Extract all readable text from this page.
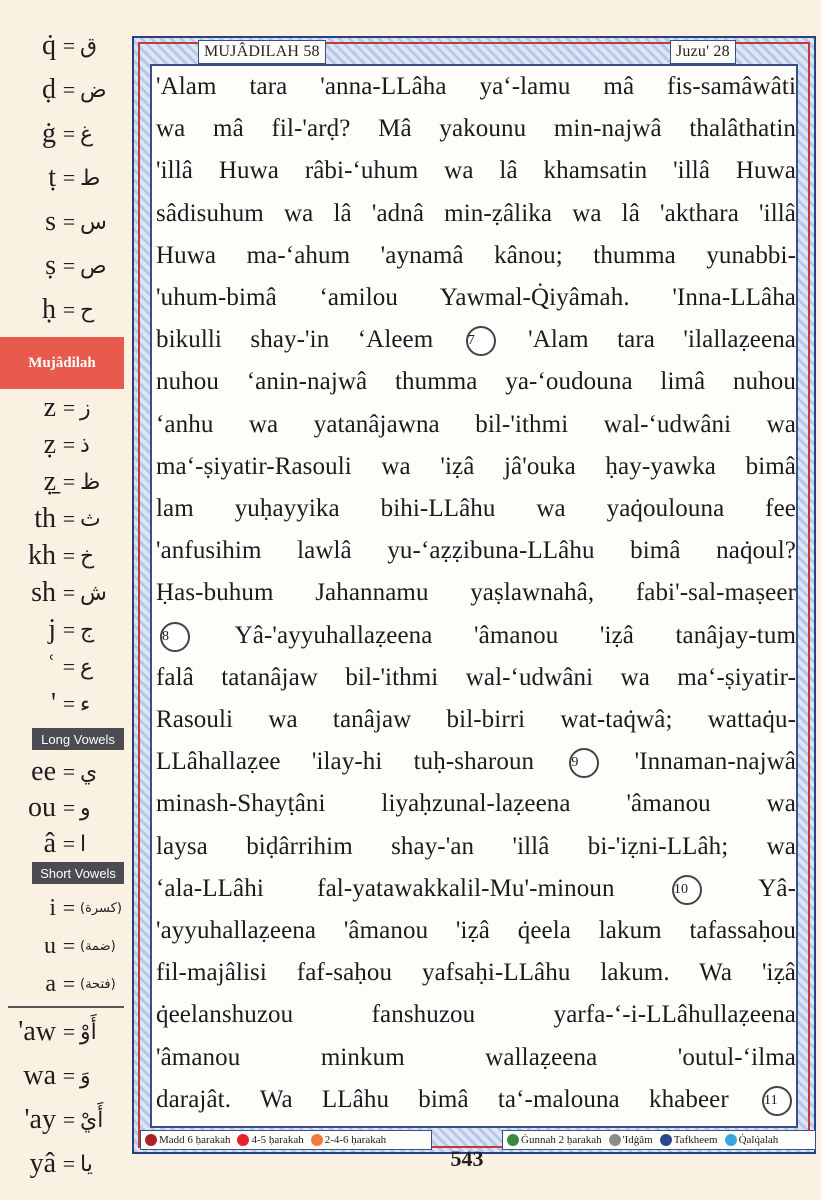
q̇ = ق
ḍ = ض
ġ = غ
ṭ = ط
s = س
ṣ = ص
ḥ = ح
Mujâdilah
z = ز
ẓ = ذ
ẓ̱ = ظ
th = ث
kh = خ
sh = ش
j = ج
ʿ = ع
' = ء
Long Vowels
ee = ي
ou = و
â = ا
Short Vowels
i = (كسرة)
u = (ضمة)
a = (فتحة)
'aw = أَوْ
wa = وَ
'ay = أَيْ
yâ = يا
MUJÂDILAH 58	Juzu' 28
'Alam tara 'anna-LLâha ya‘-lamu mâ fis-samâwâti
wa mâ fil-'arḍ? Mâ yakounu min-najwâ thalâthatin
'illâ Huwa râbi-‘uhum wa lâ khamsatin 'illâ Huwa
sâdisuhum wa lâ 'adnâ min-ẓâlika wa lâ 'akthara 'illâ
Huwa ma-‘ahum 'aynamâ kânou; thumma yunabbi-
'uhum-bimâ ‘amilou Yawmal-Q̇iyâmah. 'Inna-LLâha
bikulli shay-'in ‘Aleem 7 'Alam tara 'ilallaẓeena
nuhou ‘anin-najwâ thumma ya-‘oudouna limâ nuhou
‘anhu wa yatanâjawna bil-'ithmi wal-‘udwâni wa
ma‘-ṣiyatir-Rasouli wa 'iẓâ jâ'ouka ḥay-yawka bimâ
lam yuḥayyika bihi-LLâhu wa yaq̇oulouna fee
'anfusihim lawlâ yu-‘aẓẓibuna-LLâhu bimâ naq̇oul?
Ḥas-buhum Jahannamu yaṣlawnahâ, fabi'-sal-maṣeer
8 Yâ-'ayyuhallaẓeena 'âmanou 'iẓâ tanâjay-tum
falâ tatanâjaw bil-'ithmi wal-‘udwâni wa ma‘-ṣiyatir-
Rasouli wa tanâjaw bil-birri wat-taq̇wâ; wattaq̇u-
LLâhallaẓee 'ilay-hi tuḥ-sharoun 9 'Innaman-najwâ
minash-Shayṭâni liyaḥzunal-laẓeena 'âmanou wa
laysa biḍârrihim shay-'an 'illâ bi-'iẓni-LLâh; wa
‘ala-LLâhi fal-yatawakkalil-Mu'-minoun 10 Yâ-
'ayyuhallaẓeena 'âmanou 'iẓâ q̇eela lakum tafassaḥou
fil-majâlisi faf-saḥou yafsaḥi-LLâhu lakum. Wa 'iẓâ
q̇eelanshuzou fanshuzou yarfa-‘-i-LLâhullaẓeena
'âmanou minkum wallaẓeena 'outul-‘ilma
darajât. Wa LLâhu bimâ ta‘-malouna khabeer 11
Madd 6 ḥarakah 4-5 ḥarakah 2-4-6 ḥarakah	Ġunnah 2 ḥarakah 'Idġâm Tafkheem Q̇alq̇alah
543
